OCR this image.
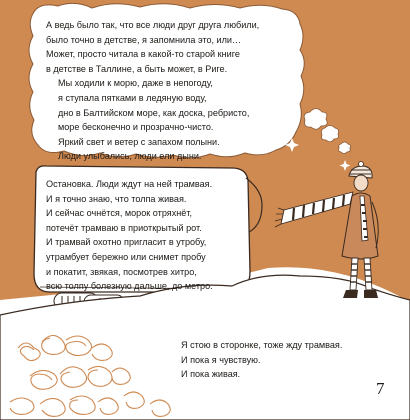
А ведь было так, что все люди друг друга любили,

было точно в детстве, я запомнила это, или…

Может, просто читала в какой-то старой книге

в детстве в Таллине, а быть может, в Риге.

Мы ходили к морю, даже в непогоду,

я ступала пятками в ледяную воду,

дно в Балтийском море, как доска, ребристо,

море бесконечно и прозрачно-чисто.

Яркий свет и ветер с запахом полыни.

Люди улыбались, люди ели дыни.

Остановка. Люди ждут на ней трамвая.

И я точно знаю, что толпа живая.

И сейчас очнётся, морок отряхнёт,

потечёт трамваю в приоткрытый рот.

И трамвай охотно пригласит в утробу,

утрамбует бережно или снимет пробу

и покатит, звякая, посмотрев хитро,

всю толпу болезную дальше, до метро.

Я стою в сторонке, тоже жду трамвая.

И пока я чувствую.

И пока живая.

7
